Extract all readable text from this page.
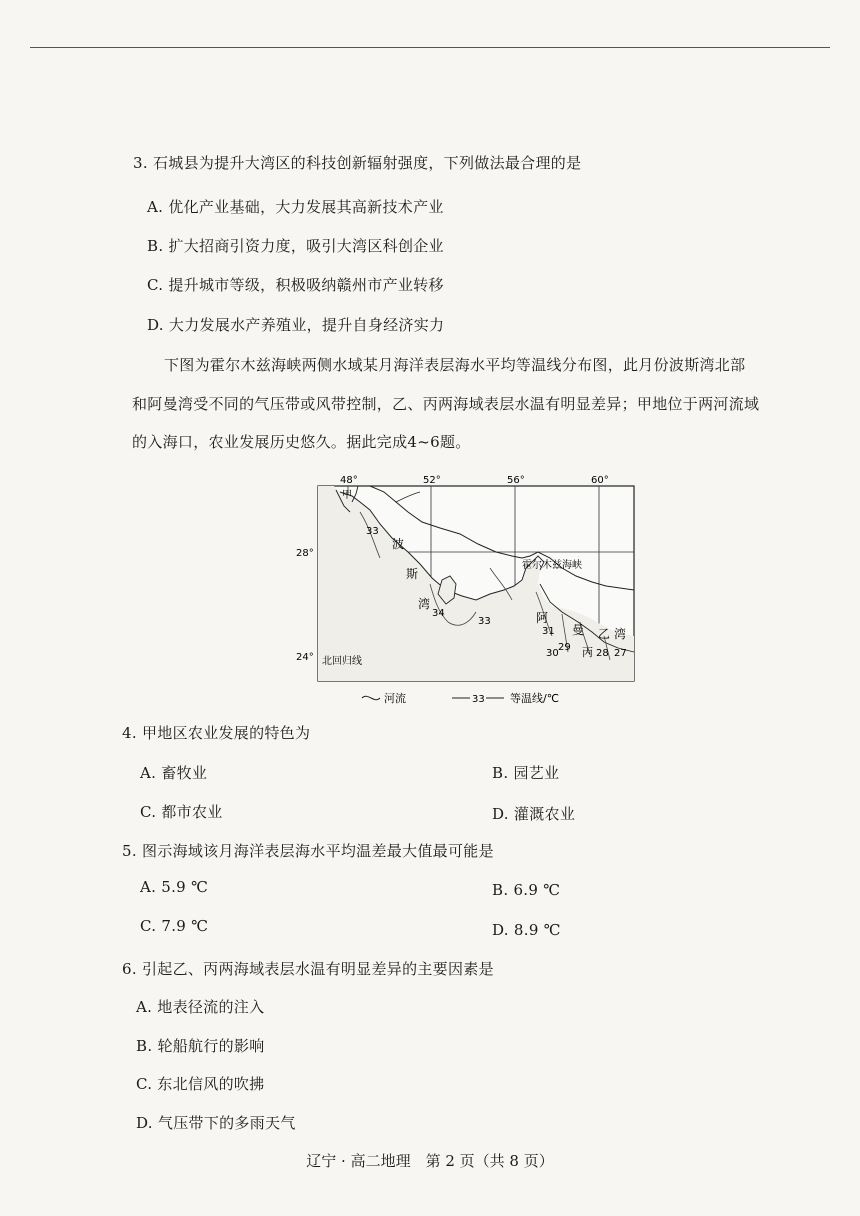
3. 石城县为提升大湾区的科技创新辐射强度，下列做法最合理的是
A. 优化产业基础，大力发展其高新技术产业
B. 扩大招商引资力度，吸引大湾区科创企业
C. 提升城市等级，积极吸纳赣州市产业转移
D. 大力发展水产养殖业，提升自身经济实力
下图为霍尔木兹海峡两侧水域某月海洋表层海水平均等温线分布图，此月份波斯湾北部
和阿曼湾受不同的气压带或风带控制，乙、丙两海域表层水温有明显差异；甲地位于两河流域
的入海口，农业发展历史悠久。据此完成4~6题。
48°	52°	56°	60°
28°
24°
甲
波
斯
湾
霍尔木兹海峡
阿
曼 乙 湾
丙
北回归线
33
34
33
31
29
30	28 27
河流	33 等温线/℃
4. 甲地区农业发展的特色为
A. 畜牧业	B. 园艺业
C. 都市农业	D. 灌溉农业
5. 图示海域该月海洋表层海水平均温差最大值最可能是
A. 5.9 ℃	B. 6.9 ℃
C. 7.9 ℃	D. 8.9 ℃
6. 引起乙、丙两海域表层水温有明显差异的主要因素是
A. 地表径流的注入
B. 轮船航行的影响
C. 东北信风的吹拂
D. 气压带下的多雨天气
辽宁 · 高二地理　第 2 页（共 8 页）
